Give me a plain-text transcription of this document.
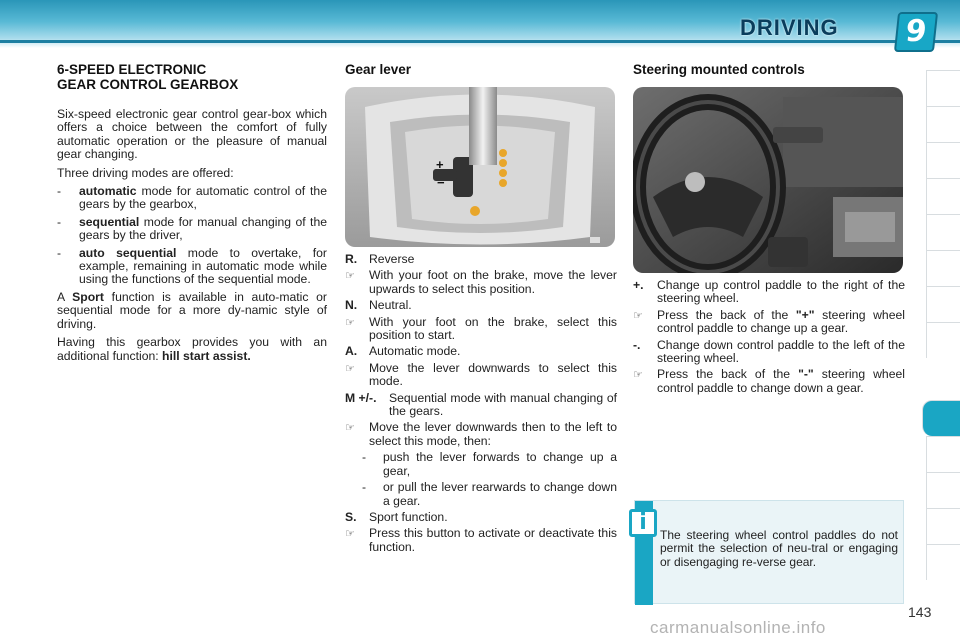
DRIVING	9
6-SPEED ELECTRONIC
GEAR CONTROL GEARBOX

Six-speed electronic gear control gear-box which offers a choice between the comfort of fully automatic operation or the pleasure of manual gear changing.

Three driving modes are offered:

-	automatic mode for automatic control of the gears by the gearbox,
-	sequential mode for manual changing of the gears by the driver,
-	auto sequential mode to overtake, for example, remaining in automatic mode while using the functions of the sequential mode.

A Sport function is available in auto-matic or sequential mode for a more dy-namic style of driving.

Having this gearbox provides you with an additional function: hill start assist.

Gear lever
R. Reverse
☞	With your foot on the brake, move the lever upwards to select this position.
N. Neutral.
☞	With your foot on the brake, select this position to start.
A. Automatic mode.
☞	Move the lever downwards to select this mode.
M +/-.	Sequential mode with manual changing of the gears.
☞	Move the lever downwards then to the left to select this mode, then:
-	push the lever forwards to change up a gear,
-	or pull the lever rearwards to change down a gear.
S.	Sport function.
☞	Press this button to activate or deactivate this function.
+
−
Steering mounted controls
+.	Change up control paddle to the right of the steering wheel.
☞	Press the back of the "+" steering wheel control paddle to change up a gear.
-.	Change down control paddle to the left of the steering wheel.
☞	Press the back of the "-" steering wheel control paddle to change down a gear.
i	The steering wheel control paddles do not permit the selection of neu-tral or engaging or disengaging re-verse gear.
143
carmanualsonline.info
